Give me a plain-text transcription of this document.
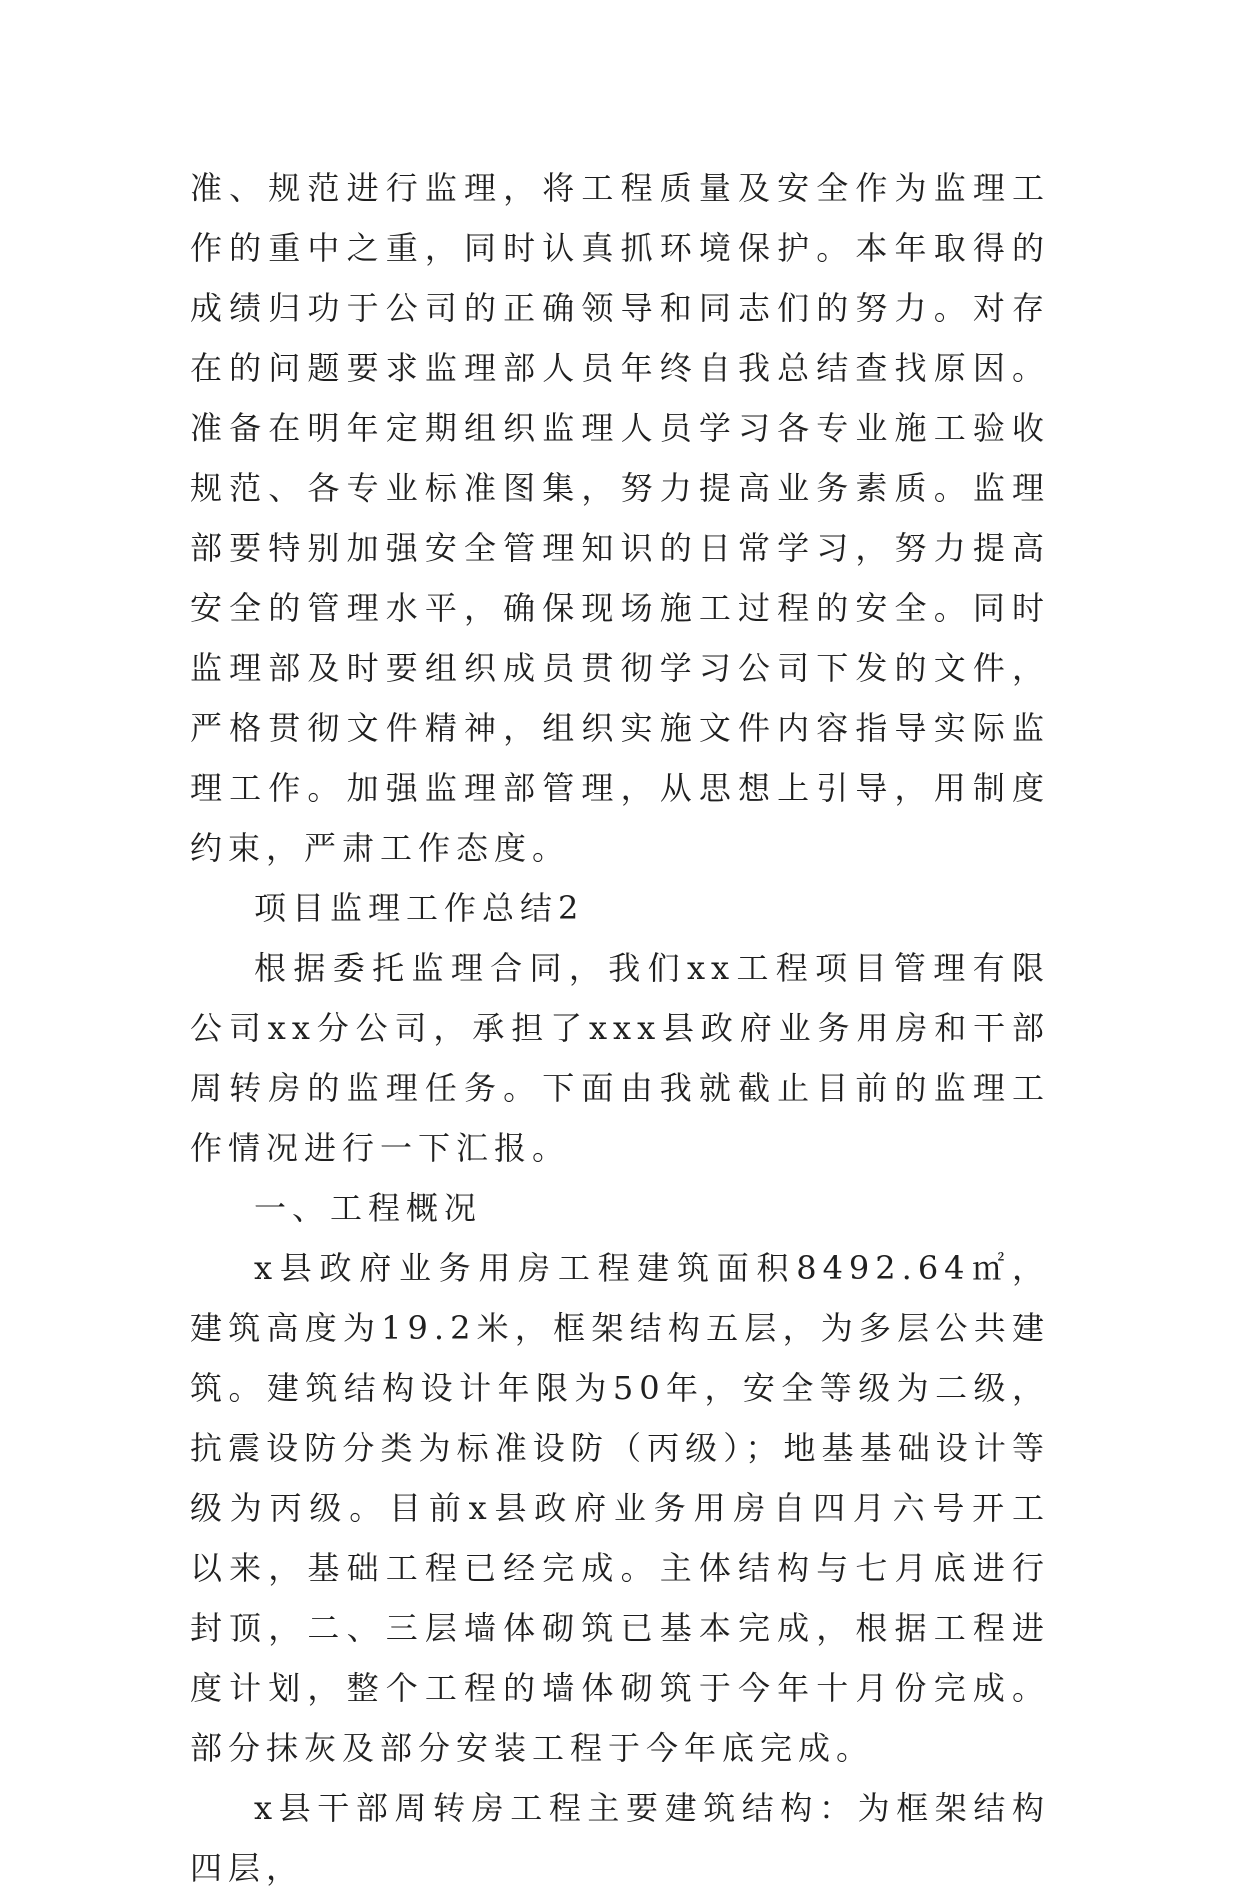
准、规范进行监理，将工程质量及安全作为监理工作的重中之重，同时认真抓环境保护。本年取得的成绩归功于公司的正确领导和同志们的努力。对存在的问题要求监理部人员年终自我总结查找原因。准备在明年定期组织监理人员学习各专业施工验收规范、各专业标准图集，努力提高业务素质。监理部要特别加强安全管理知识的日常学习，努力提高安全的管理水平，确保现场施工过程的安全。同时监理部及时要组织成员贯彻学习公司下发的文件，严格贯彻文件精神，组织实施文件内容指导实际监理工作。加强监理部管理，从思想上引导，用制度约束，严肃工作态度。

项目监理工作总结2

根据委托监理合同，我们xx工程项目管理有限公司xx分公司，承担了xxx县政府业务用房和干部周转房的监理任务。下面由我就截止目前的监理工作情况进行一下汇报。

一、工程概况

x县政府业务用房工程建筑面积8492.64㎡，建筑高度为19.2米，框架结构五层，为多层公共建筑。建筑结构设计年限为50年，安全等级为二级，抗震设防分类为标准设防（丙级）；地基基础设计等级为丙级。目前x县政府业务用房自四月六号开工以来，基础工程已经完成。主体结构与七月底进行封顶，二、三层墙体砌筑已基本完成，根据工程进度计划，整个工程的墙体砌筑于今年十月份完成。部分抹灰及部分安装工程于今年底完成。

x县干部周转房工程主要建筑结构：为框架结构四层，
